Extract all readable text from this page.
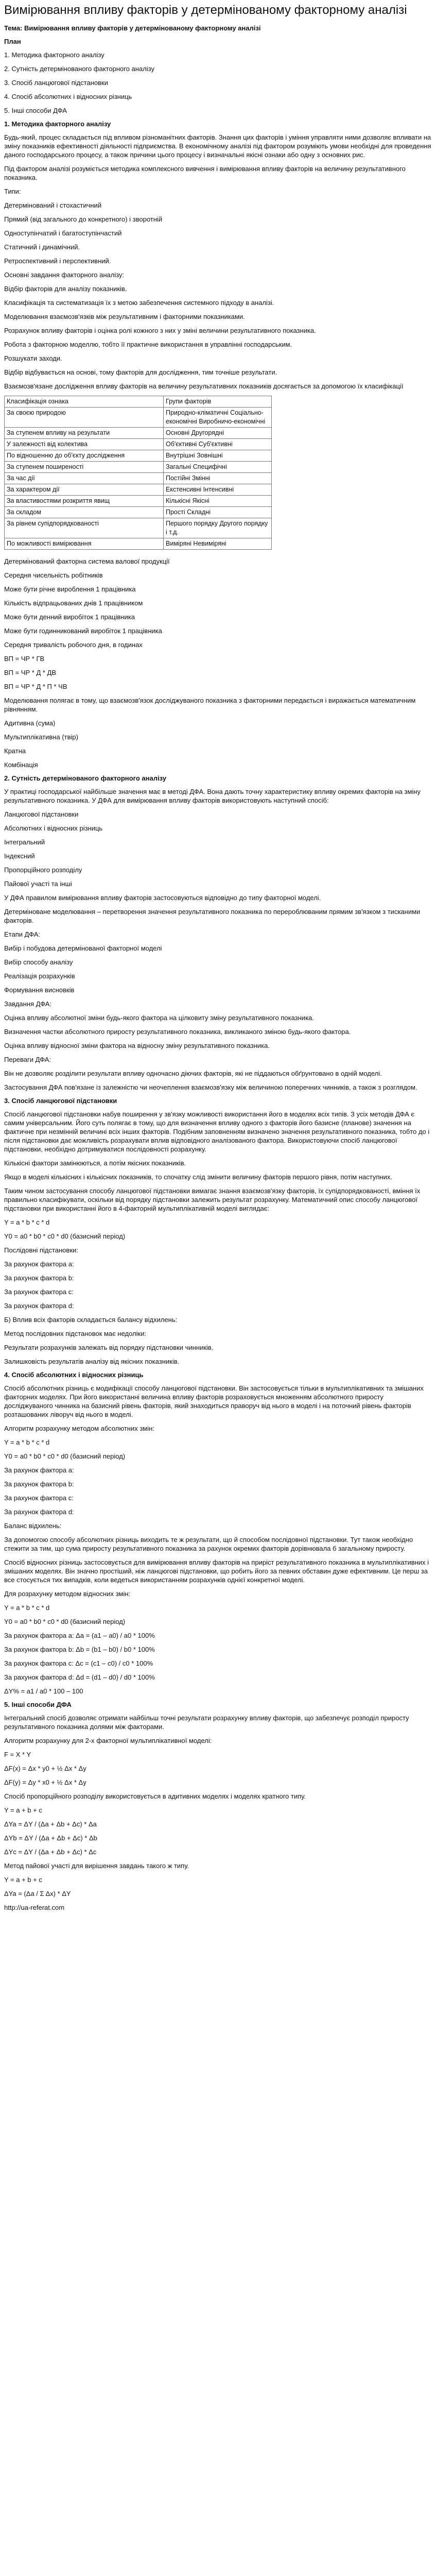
Вимірювання впливу факторів у детермінованому факторному аналізі
Тема: Вимірювання впливу факторів у детермінованому факторному аналізі
План
1. Методика факторного аналізу
2. Сутність детермінованого факторного аналізу
3. Спосіб ланцюгової підстановки
4. Спосіб абсолютних і відносних різниць
5. Інші способи ДФА
1. Методика факторного аналізу
Будь-який, процес складається під впливом різноманітних факторів. Знання цих факторів і уміння управляти ними дозволяє впливати на зміну показників ефективності діяльності підприємства. В економічному аналізі під фактором розуміють умови необхідні для проведення даного господарського процесу, а також причини цього процесу і визначальні якісні ознаки або одну з основних рис.
Під фактором аналізі розуміється методика комплексного вивчення і вимірювання впливу факторів на величину результативного показника.
Типи:
Детермінований і стохастичний
Прямий (від загального до конкретного) і зворотній
Одноступінчатий і багатоступінчастий
Статичний і динамічний.
Ретроспективний і перспективний.
Основні завдання факторного аналізу:
Відбір факторів для аналізу показників.
Класифікація та систематизація їх з метою забезпечення системного підходу в аналізі.
Моделювання взаємозв'язків між результативним і факторними показниками.
Розрахунок впливу факторів і оцінка ролі кожного з них у зміні величини результативного показника.
Робота з факторною моделлю, тобто її практичне використання в управлінні господарським.
Розшукати заходи.
Відбір відбувається на основі, тому факторів для дослідження, тим точніше результати.
Взаємозв'язане дослідження впливу факторів на величину результативних показників досягається за допомогою їх класифікації
Класифікація ознака	Групи факторів
За своєю природою	Природно-кліматичні Соціально-економічні Виробничо-економічні
За ступенем впливу на результати	Основні Другорядні
У залежності від колектива	Об'єктивні Суб'єктивні
По відношенню до об'єкту дослідження	Внутрішні Зовнішні
За ступенем поширеності	Загальні Специфічні
За час дії	Постійні Змінні
За характером дії	Екстенсивні Інтенсивні
За властивостями розкриття явищ	Кількісні Якісні
За складом	Прості Складні
За рівнем супідпорядкованості	Першого порядку Другого порядку і т.д.
По можливості вимірювання	Виміряні Невиміряні
Детермінований факторна система валової продукції
Середня чисельність робітників
Може бути річне вироблення 1 працівника
Кількість відпрацьованих днів 1 працівником
Може бути денний виробіток 1 працівника
Може бути годинникований виробіток 1 працівника
Середня тривалість робочого дня, в годинах
ВП = ЧР * ГВ
ВП = ЧР * Д * ДВ
ВП = ЧР * Д * П * ЧВ
Моделювання полягає в тому, що взаємозв'язок досліджуваного показника з факторними передається і виражається математичним рівнянням.
Адитивна (сума)
Мультиплікативна (твір)
Кратна
Комбінація
2. Сутність детермінованого факторного аналізу
У практиці господарської найбільше значення має в методі ДФА. Вона дають точну характеристику впливу окремих факторів на зміну результативного показника. У ДФА для вимірювання впливу факторів використовують наступний спосіб:
Ланцюгової підстановки
Абсолютних і відносних різниць
Інтегральний
Індексний
Пропорційного розподілу
Пайової участі та інші
У ДФА правилом вимірювання впливу факторів застосовуються відповідно до типу факторної моделі.
Детерміноване моделювання – перетворення значення результативного показника по перероблюваним прямим зв'язком з тисканими факторів.
Етапи ДФА:
Вибір і побудова детермінованої факторної моделі
Вибір способу аналізу
Реалізація розрахунків
Формування висновків
Завдання ДФА:
Оцінка впливу абсолютної зміни будь-якого фактора на цілковиту зміну результативного показника.
Визначення частки абсолютного приросту результативного показника, викликаного зміною будь-якого фактора.
Оцінка впливу відносної зміни фактора на відносну зміну результативного показника.
Переваги ДФА:
Він не дозволяє розділити результати впливу одночасно діючих факторів, які не піддаються обґрунтовано в одній моделі.
Застосування ДФА пов'язане із залежністю чи неочеплення взаємозв'язку між величиною поперечних чинників, а також з розглядом.
3. Спосіб ланцюгової підстановки
Спосіб ланцюгової підстановки набув поширення у зв'язку можливості використання його в моделях всіх типів. З усіх методів ДФА є самим універсальним. Його суть полягає в тому, що для визначення впливу одного з факторів його базисне (планове) значення на фактичне при незмінній величині всіх інших факторів. Подібним заповненням визначено значення результативного показника, тобто до і після підстановки дає можливість розрахувати вплив відповідного аналізованого фактора. Використовуючи спосіб ланцюгової підстановки, необхідно дотримуватися послідовності розрахунку.
Кількісні фактори замінюються, а потім якісних показників.
Якщо в моделі кількісних і кількісних показників, то спочатку слід змінити величину факторів першого рівня, потім наступних.
Таким чином застосування способу ланцюгової підстановки вимагає знання взаємозв'язку факторів, їх супідпорядкованості, вміння їх правильно класифікувати, оскільки від порядку підстановки залежить результат розрахунку. Математичний опис способу ланцюгової підстановки при використанні його в 4-факторній мультиплікативній моделі виглядає:
Y = a * b * c * d
Y0 = a0 * b0 * c0 * d0 (базисний період)
Послідовні підстановки:
За рахунок фактора а:
За рахунок фактора b:
За рахунок фактора с:
За рахунок фактора d:
Б) Вплив всіх факторів складається балансу відхилень:
Метод послідовних підстановок має недоліки:
Результати розрахунків залежать від порядку підстановки чинників.
Залишковість результатів аналізу від якісних показників.
4. Спосіб абсолютних і відносних різниць
Спосіб абсолютних різниць є модифікації способу ланцюгової підстановки. Він застосовується тільки в мультиплікативних та змішаних факторних моделях. При його використанні величина впливу факторів розраховується множенням абсолютного приросту досліджуваного чинника на базисний рівень факторів, який знаходиться праворуч від нього в моделі і на поточний рівень факторів розташованих ліворуч від нього в моделі.
Алгоритм розрахунку методом абсолютних змін:
Y = a * b * c * d
Y0 = a0 * b0 * c0 * d0 (базисний період)
За рахунок фактора а:
За рахунок фактора b:
За рахунок фактора с:
За рахунок фактора d:
Баланс відхилень:
За допомогою способу абсолютних різниць виходить те ж результати, що й способом послідовної підстановки. Тут також необхідно стежити за тим, що сума приросту результативного показника за рахунок окремих факторів дорівнювала б загальному приросту.
Спосіб відносних різниць застосовується для вимірювання впливу факторів на приріст результативного показника в мультиплікативних і змішаних моделях. Він значно простіший, ніж ланцюгові підстановки, що робить його за певних обставин дуже ефективним. Це перш за все стосується тих випадків, коли ведеться використанням розрахунків однієї конкретної моделі.
Для розрахунку методом відносних змін:
Y = a * b * c * d
Y0 = a0 * b0 * c0 * d0 (базисний період)
За рахунок фактора а: Δa = (a1 – a0) / a0 * 100%
За рахунок фактора b: Δb = (b1 – b0) / b0 * 100%
За рахунок фактора с: Δc = (c1 – c0) / c0 * 100%
За рахунок фактора d: Δd = (d1 – d0) / d0 * 100%
ΔY% = a1 / a0 * 100 – 100
5. Інші способи ДФА
Інтегральний спосіб дозволяє отримати найбільш точні результати розрахунку впливу факторів, що забезпечує розподіл приросту результативного показника долями між факторами.
Алгоритм розрахунку для 2-х факторної мультиплікативної моделі:
F = X * Y
ΔF(x) = Δx * y0 + ½ Δx * Δy
ΔF(y) = Δy * x0 + ½ Δx * Δy
Спосіб пропорційного розподілу використовується в адитивних моделях і моделях кратного типу.
Y = a + b + c
ΔYa = ΔY / (Δa + Δb + Δc) * Δa
ΔYb = ΔY / (Δa + Δb + Δc) * Δb
ΔYc = ΔY / (Δa + Δb + Δc) * Δc
Метод пайової участі для вирішення завдань такого ж типу.
Y = a + b + c
ΔYa = (Δa / Σ Δx) * ΔY
http://ua-referat.com
